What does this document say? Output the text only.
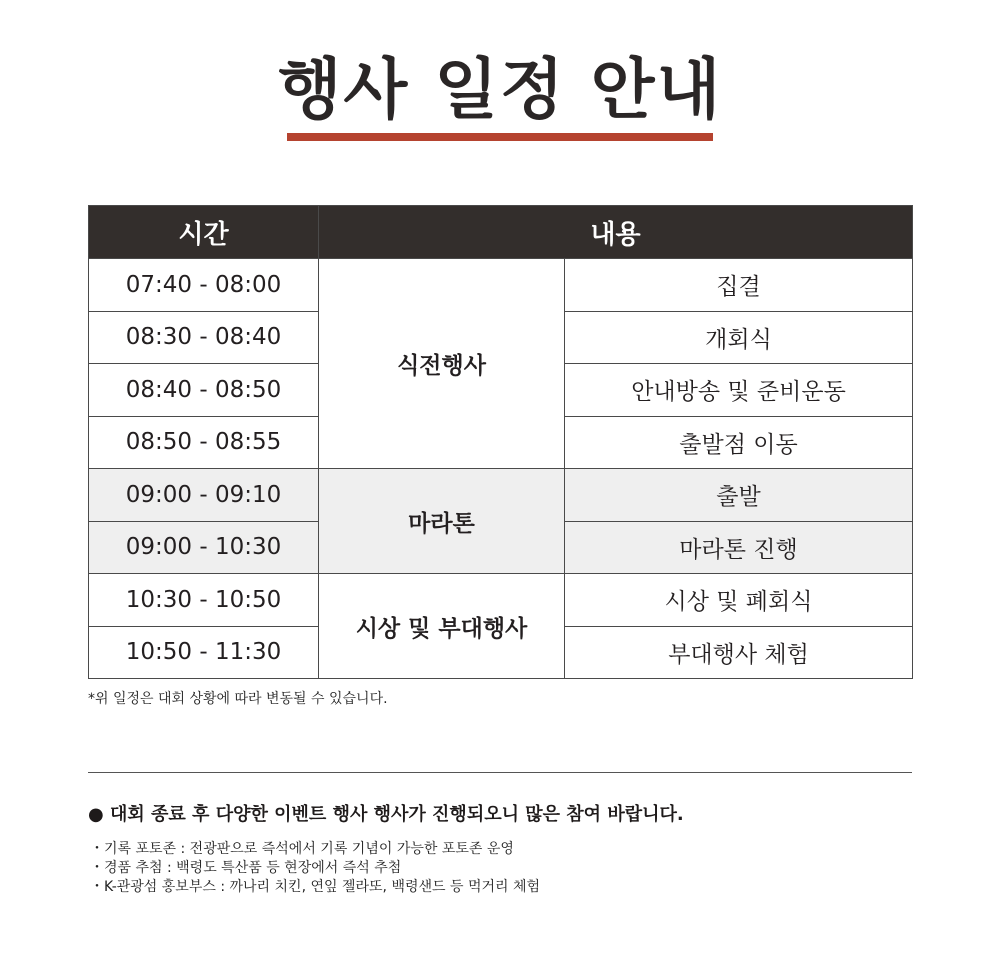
행사 일정 안내
시간	내용	
07:40 - 08:00	식전행사	집결
08:30 - 08:40		개회식
08:40 - 08:50		안내방송 및 준비운동
08:50 - 08:55		출발점 이동
09:00 - 09:10	마라톤	출발
09:00 - 10:30		마라톤 진행
10:30 - 10:50	시상 및 부대행사	시상 및 폐회식
10:50 - 11:30		부대행사 체험
*위 일정은 대회 상황에 따라 변동될 수 있습니다.
● 대회 종료 후 다양한 이벤트 행사 행사가 진행되오니 많은 참여 바랍니다.
・기록 포토존 : 전광판으로 즉석에서 기록 기념이 가능한 포토존 운영
・경품 추첨 : 백령도 특산품 등 현장에서 즉석 추첨
・K-관광섬 홍보부스 : 까나리 치킨, 연잎 젤라또, 백령샌드 등 먹거리 체험
